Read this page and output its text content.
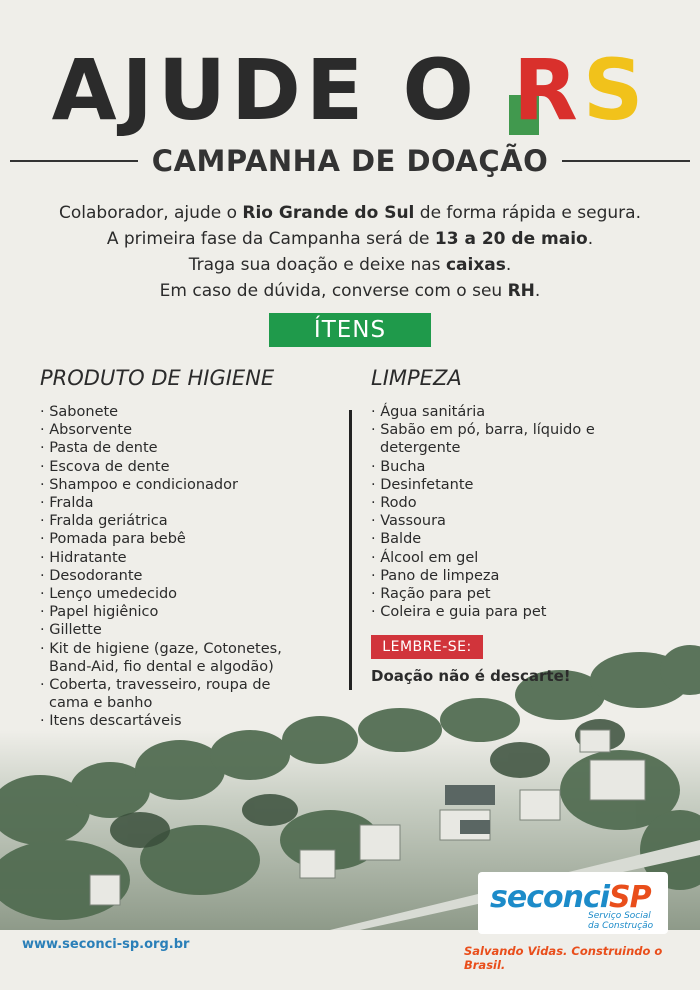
AJUDE O
RS
CAMPANHA DE DOAÇÃO
Colaborador, ajude o Rio Grande do Sul de forma rápida e segura.
A primeira fase da Campanha será de 13 a 20 de maio.
Traga sua doação e deixe nas caixas.
Em caso de dúvida, converse com o seu RH.
ÍTENS
PRODUTO DE HIGIENE	LIMPEZA
· Sabonete
· Absorvente
· Pasta de dente
· Escova de dente
· Shampoo e condicionador
· Fralda
· Fralda geriátrica
· Pomada para bebê
· Hidratante
· Desodorante
· Lenço umedecido
· Papel higiênico
· Gillette
· Kit de higiene (gaze, Cotonetes, Band-Aid, fio dental e algodão)
· Coberta, travesseiro, roupa de cama e banho
· Itens descartáveis
· Água sanitária
· Sabão em pó, barra, líquido e detergente
· Bucha
· Desinfetante
· Rodo
· Vassoura
· Balde
· Álcool em gel
· Pano de limpeza
· Ração para pet
· Coleira e guia para pet
LEMBRE-SE:
Doação não é descarte!
www.seconci-sp.org.br
seconciSP
Serviço Social
da Construção
Salvando Vidas. Construindo o Brasil.
